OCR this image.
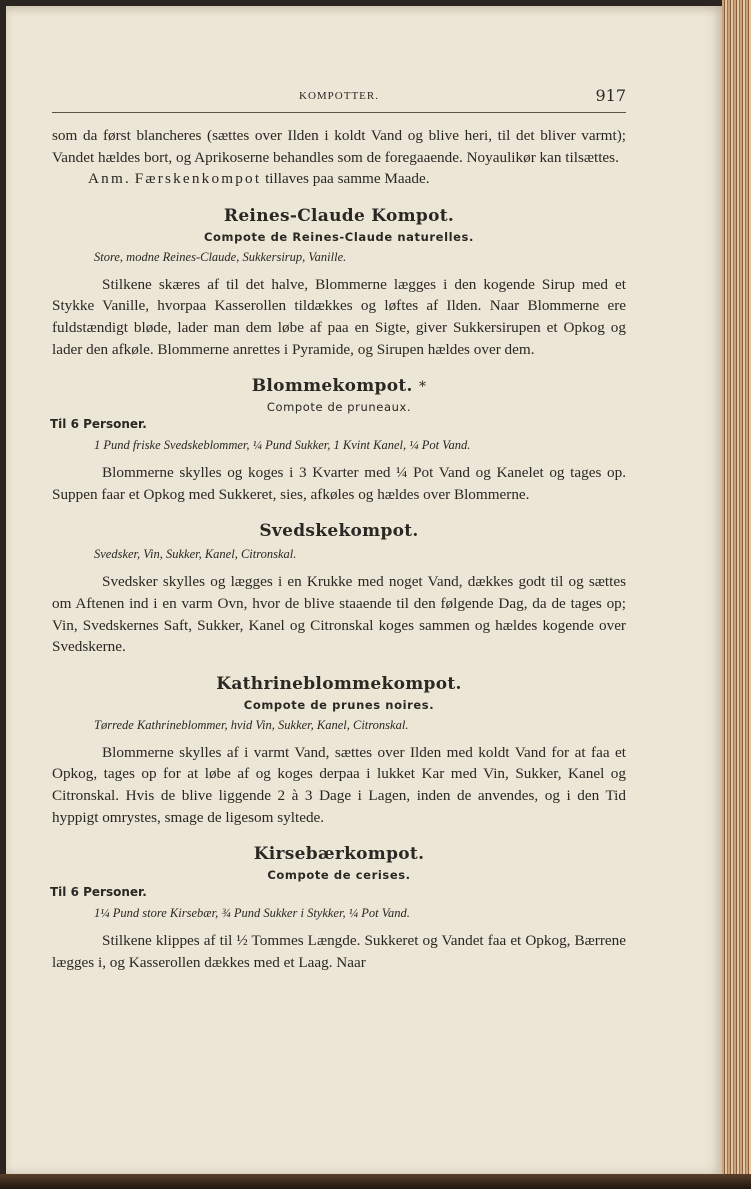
KOMPOTTER.	917

som da først blancheres (sættes over Ilden i koldt Vand og blive heri, til det bliver varmt); Vandet hældes bort, og Aprikoserne behandles som de foregaaende. Noyaulikør kan tilsættes.

Anm. Færskenkompot tillaves paa samme Maade.

Reines-Claude Kompot.
Compote de Reines-Claude naturelles.
Store, modne Reines-Claude, Sukkersirup, Vanille.

Stilkene skæres af til det halve, Blommerne lægges i den kogende Sirup med et Stykke Vanille, hvorpaa Kasserollen tildækkes og løftes af Ilden. Naar Blommerne ere fuldstændigt bløde, lader man dem løbe af paa en Sigte, giver Sukkersirupen et Opkog og lader den afkøle. Blommerne anrettes i Pyramide, og Sirupen hældes over dem.

Blommekompot. *
Compote de pruneaux.
Til 6 Personer.
1 Pund friske Svedskeblommer, ¼ Pund Sukker, 1 Kvint Kanel, ¼ Pot Vand.

Blommerne skylles og koges i 3 Kvarter med ¼ Pot Vand og Kanelet og tages op. Suppen faar et Opkog med Sukkeret, sies, afkøles og hældes over Blommerne.

Svedskekompot.
Svedsker, Vin, Sukker, Kanel, Citronskal.

Svedsker skylles og lægges i en Krukke med noget Vand, dækkes godt til og sættes om Aftenen ind i en varm Ovn, hvor de blive staaende til den følgende Dag, da de tages op; Vin, Svedskernes Saft, Sukker, Kanel og Citronskal koges sammen og hældes kogende over Svedskerne.

Kathrineblommekompot.
Compote de prunes noires.
Tørrede Kathrineblommer, hvid Vin, Sukker, Kanel, Citronskal.

Blommerne skylles af i varmt Vand, sættes over Ilden med koldt Vand for at faa et Opkog, tages op for at løbe af og koges derpaa i lukket Kar med Vin, Sukker, Kanel og Citronskal. Hvis de blive liggende 2 à 3 Dage i Lagen, inden de anvendes, og i den Tid hyppigt omrystes, smage de ligesom syltede.

Kirsebærkompot.
Compote de cerises.
Til 6 Personer.
1¼ Pund store Kirsebær, ¾ Pund Sukker i Stykker, ¼ Pot Vand.

Stilkene klippes af til ½ Tommes Længde. Sukkeret og Vandet faa et Opkog, Bærrene lægges i, og Kasserollen dækkes med et Laag. Naar
